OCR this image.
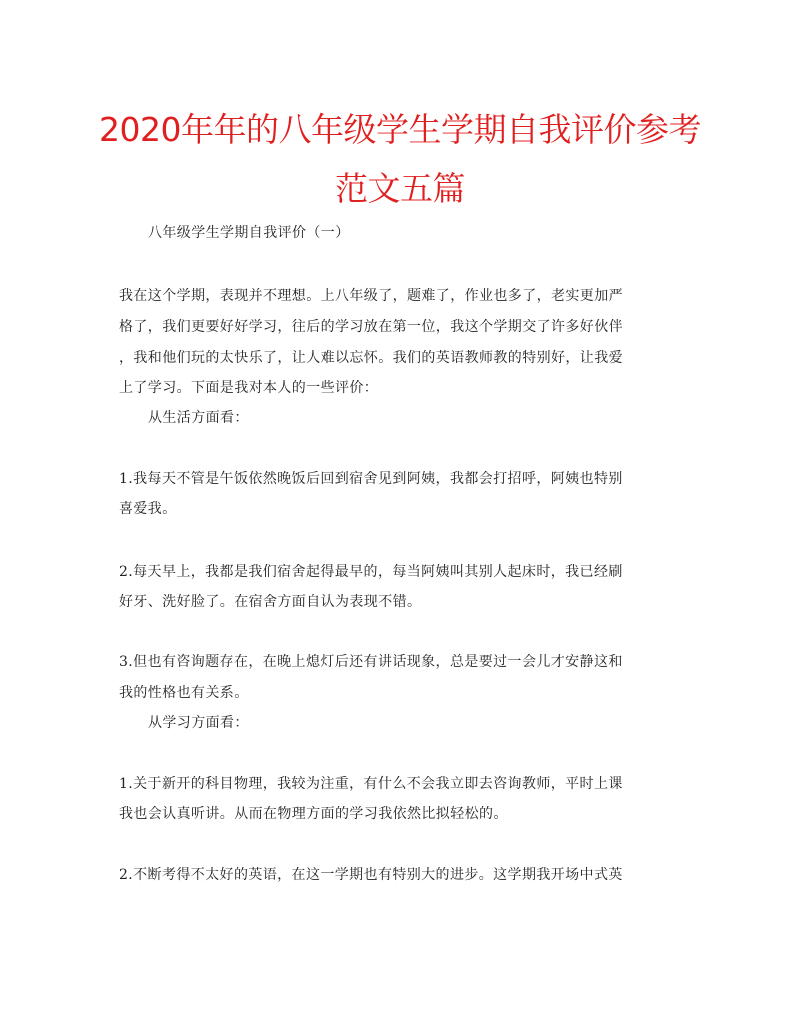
2020年年的八年级学生学期自我评价参考
范文五篇
八年级学生学期自我评价（一）
我在这个学期，表现并不理想。上八年级了，题难了，作业也多了，老实更加严
格了，我们更要好好学习，往后的学习放在第一位，我这个学期交了许多好伙伴
，我和他们玩的太快乐了，让人难以忘怀。我们的英语教师教的特别好，让我爱
上了学习。下面是我对本人的一些评价：
从生活方面看：
1.我每天不管是午饭依然晚饭后回到宿舍见到阿姨，我都会打招呼，阿姨也特别
喜爱我。
2.每天早上，我都是我们宿舍起得最早的，每当阿姨叫其别人起床时，我已经刷
好牙、洗好脸了。在宿舍方面自认为表现不错。
3.但也有咨询题存在，在晚上熄灯后还有讲话现象，总是要过一会儿才安静这和
我的性格也有关系。
从学习方面看：
1.关于新开的科目物理，我较为注重，有什么不会我立即去咨询教师，平时上课
我也会认真听讲。从而在物理方面的学习我依然比拟轻松的。
2.不断考得不太好的英语，在这一学期也有特别大的进步。这学期我开场中式英
